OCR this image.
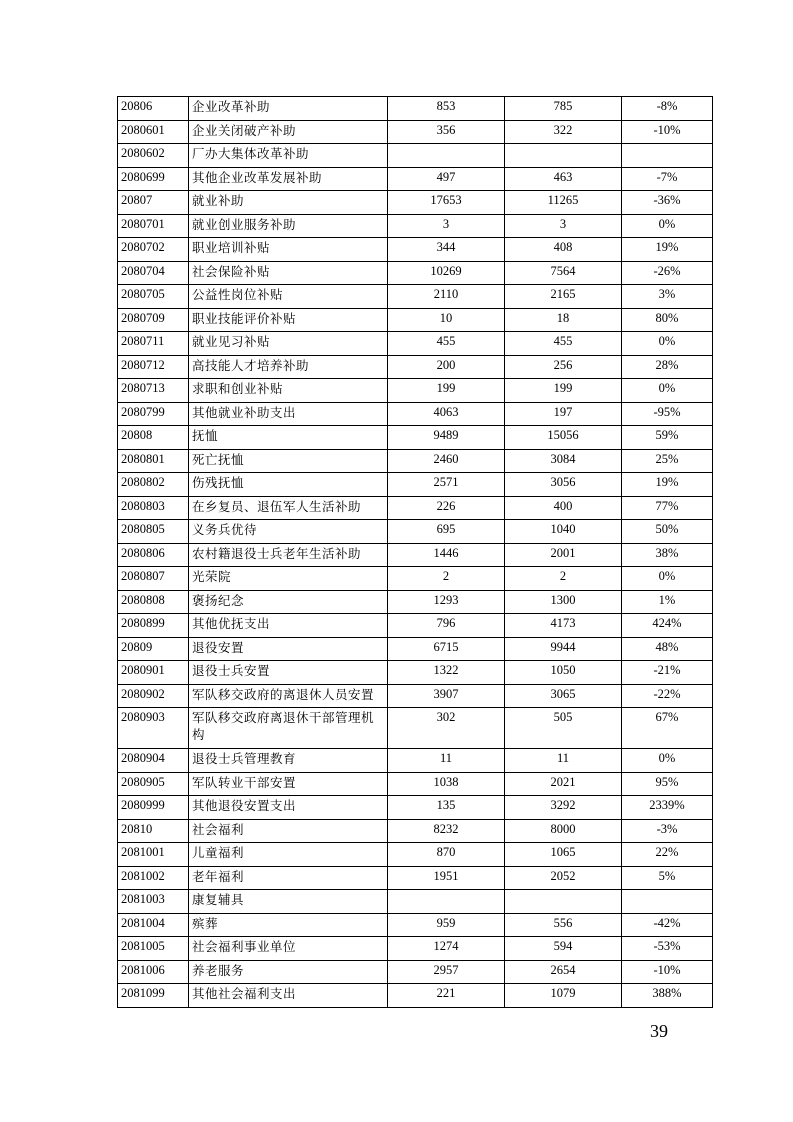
20806	企业改革补助	853	785	-8%
2080601	企业关闭破产补助	356	322	-10%
2080602	厂办大集体改革补助			
2080699	其他企业改革发展补助	497	463	-7%
20807	就业补助	17653	11265	-36%
2080701	就业创业服务补助	3	3	0%
2080702	职业培训补贴	344	408	19%
2080704	社会保险补贴	10269	7564	-26%
2080705	公益性岗位补贴	2110	2165	3%
2080709	职业技能评价补贴	10	18	80%
2080711	就业见习补贴	455	455	0%
2080712	高技能人才培养补助	200	256	28%
2080713	求职和创业补贴	199	199	0%
2080799	其他就业补助支出	4063	197	-95%
20808	抚恤	9489	15056	59%
2080801	死亡抚恤	2460	3084	25%
2080802	伤残抚恤	2571	3056	19%
2080803	在乡复员、退伍军人生活补助	226	400	77%
2080805	义务兵优待	695	1040	50%
2080806	农村籍退役士兵老年生活补助	1446	2001	38%
2080807	光荣院	2	2	0%
2080808	褒扬纪念	1293	1300	1%
2080899	其他优抚支出	796	4173	424%
20809	退役安置	6715	9944	48%
2080901	退役士兵安置	1322	1050	-21%
2080902	军队移交政府的离退休人员安置	3907	3065	-22%
2080903	军队移交政府离退休干部管理机构	302	505	67%
2080904	退役士兵管理教育	11	11	0%
2080905	军队转业干部安置	1038	2021	95%
2080999	其他退役安置支出	135	3292	2339%
20810	社会福利	8232	8000	-3%
2081001	儿童福利	870	1065	22%
2081002	老年福利	1951	2052	5%
2081003	康复辅具			
2081004	殡葬	959	556	-42%
2081005	社会福利事业单位	1274	594	-53%
2081006	养老服务	2957	2654	-10%
2081099	其他社会福利支出	221	1079	388%
39
